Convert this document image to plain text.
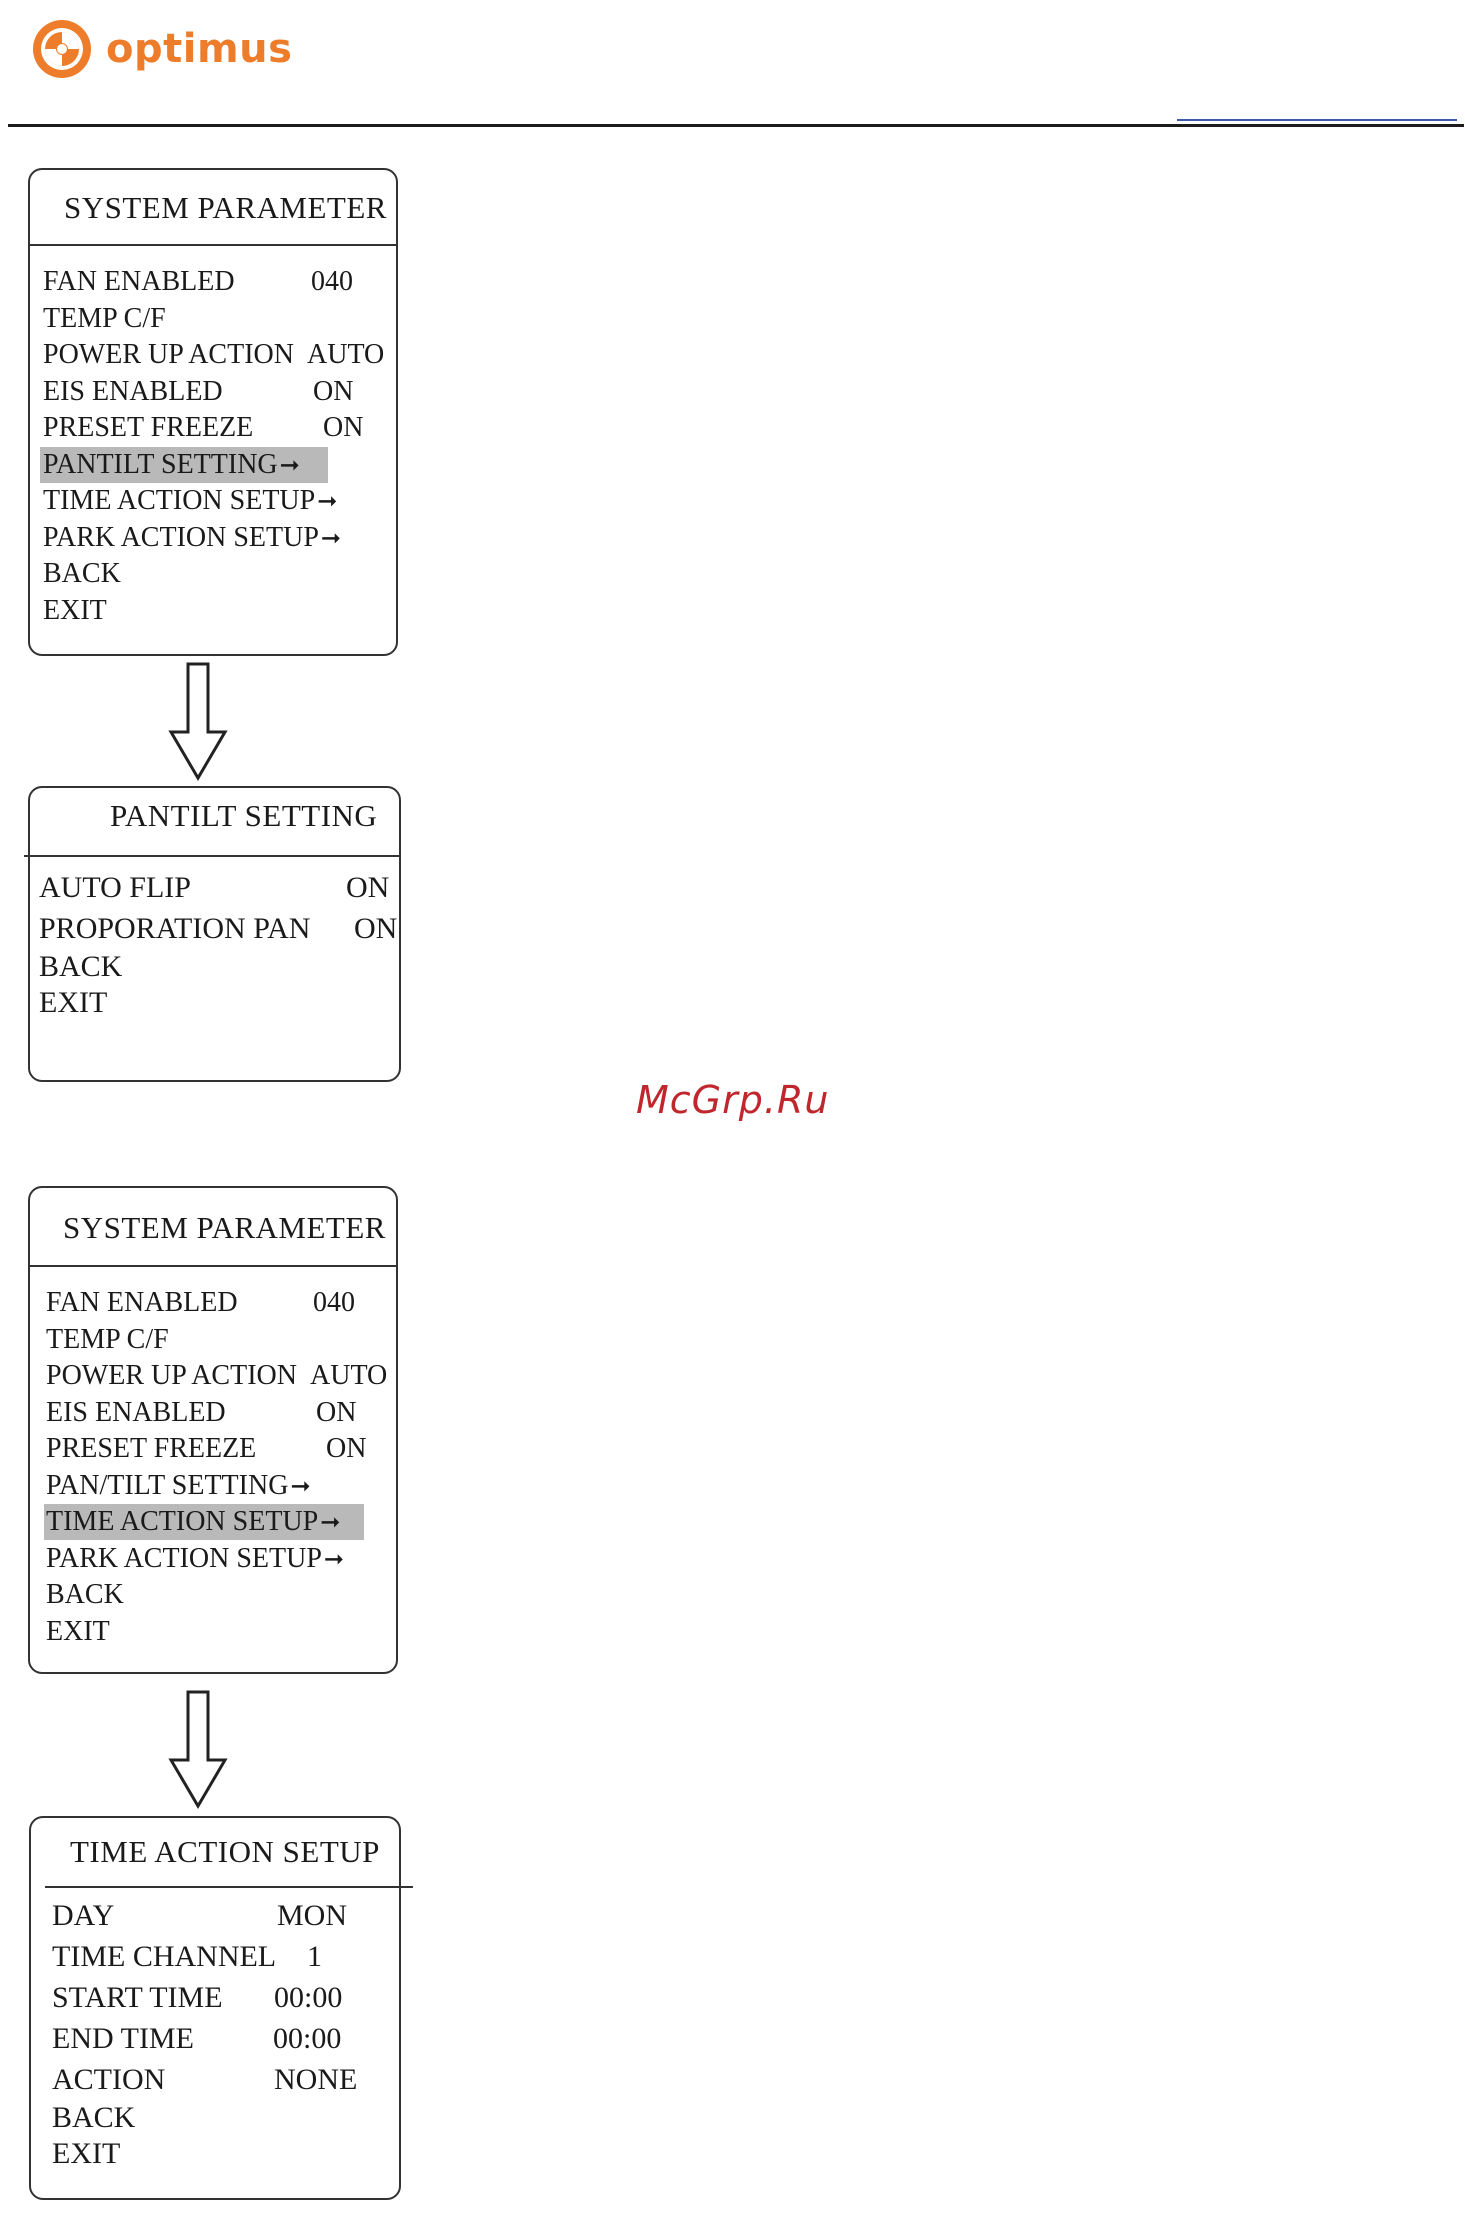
optimus
SYSTEM PARAMETER
FAN ENABLED	040
TEMP C/F
POWER UP ACTION AUTO
EIS ENABLED	ON
PRESET FREEZE ON
PANTILT SETTING➞
TIME ACTION SETUP➞
PARK ACTION SETUP➞
BACK
EXIT
PANTILT SETTING
AUTO FLIP	ON
PROPORATION PAN ON
BACK
EXIT
McGrp.Ru
SYSTEM PARAMETER
FAN ENABLED	040
TEMP C/F
POWER UP ACTION AUTO
EIS ENABLED	ON
PRESET FREEZE ON
PAN/TILT SETTING➞
TIME ACTION SETUP➞
PARK ACTION SETUP➞
BACK
EXIT
TIME ACTION SETUP
DAY	MON
TIME CHANNEL 1
START TIME 00:00
END TIME	00:00
ACTION	NONE
BACK
EXIT
